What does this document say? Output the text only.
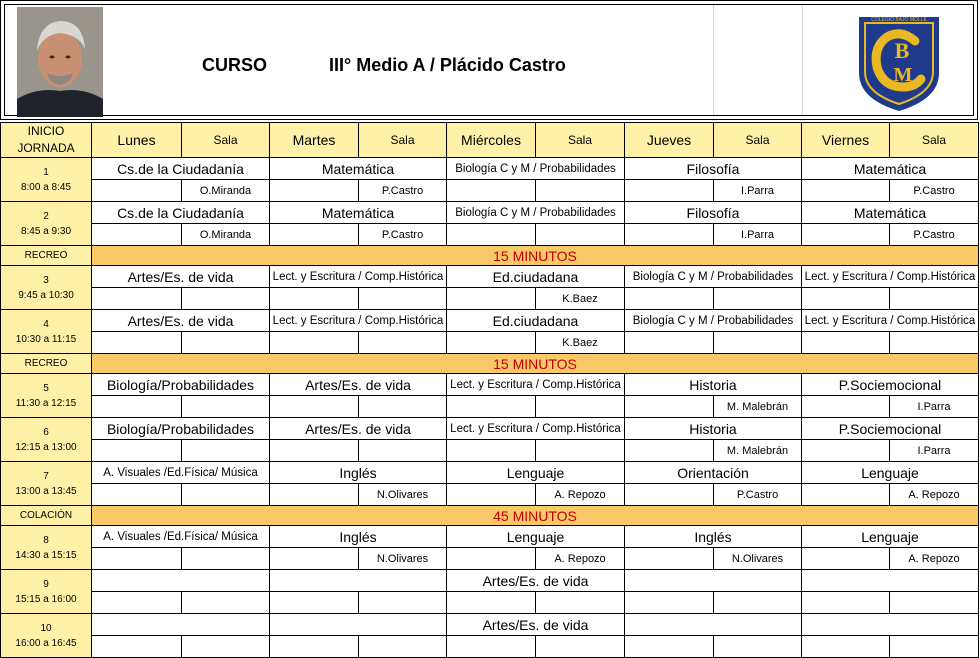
CURSO	III° Medio A / Plácido Castro
B
M
COLEGIO BAJO MOLLE
INICIO
JORNADA	Lunes	Sala	Martes	Sala	Miércoles	Sala	Jueves	Sala	Viernes	Sala
1
8:00 a 8:45	Cs.de la Ciudadanía		Matemática		Biología C y M / Probabilidades		Filosofía		Matemática	
		O.Miranda		P.Castro				I.Parra		P.Castro
2
8:45 a 9:30	Cs.de la Ciudadanía		Matemática		Biología C y M / Probabilidades		Filosofía		Matemática	
		O.Miranda		P.Castro				I.Parra		P.Castro
RECREO	15 MINUTOS									
3
9:45 a 10:30	Artes/Es. de vida		Lect. y Escritura / Comp.Histórica		Ed.ciudadana		Biología C y M / Probabilidades		Lect. y Escritura / Comp.Histórica	
						K.Baez				
4
10:30 a 11:15	Artes/Es. de vida		Lect. y Escritura / Comp.Histórica		Ed.ciudadana		Biología C y M / Probabilidades		Lect. y Escritura / Comp.Histórica	
						K.Baez				
RECREO	15 MINUTOS									
5
11:30 a 12:15	Biología/Probabilidades		Artes/Es. de vida		Lect. y Escritura / Comp.Histórica		Historia		P.Sociemocional	
								M. Malebrán		I.Parra
6
12:15 a 13:00	Biología/Probabilidades		Artes/Es. de vida		Lect. y Escritura / Comp.Histórica		Historia		P.Sociemocional	
								M. Malebrán		I.Parra
7
13:00 a 13:45	A. Visuales /Ed.Física/ Música		Inglés		Lenguaje		Orientación		Lenguaje	
				N.Olivares		A. Repozo		P.Castro		A. Repozo
COLACIÓN	45 MINUTOS									
8
14:30 a 15:15	A. Visuales /Ed.Física/ Música		Inglés		Lenguaje		Inglés		Lenguaje	
				N.Olivares		A. Repozo		N.Olivares		A. Repozo
9
15:15 a 16:00					Artes/Es. de vida					

10
16:00 a 16:45					Artes/Es. de vida					
